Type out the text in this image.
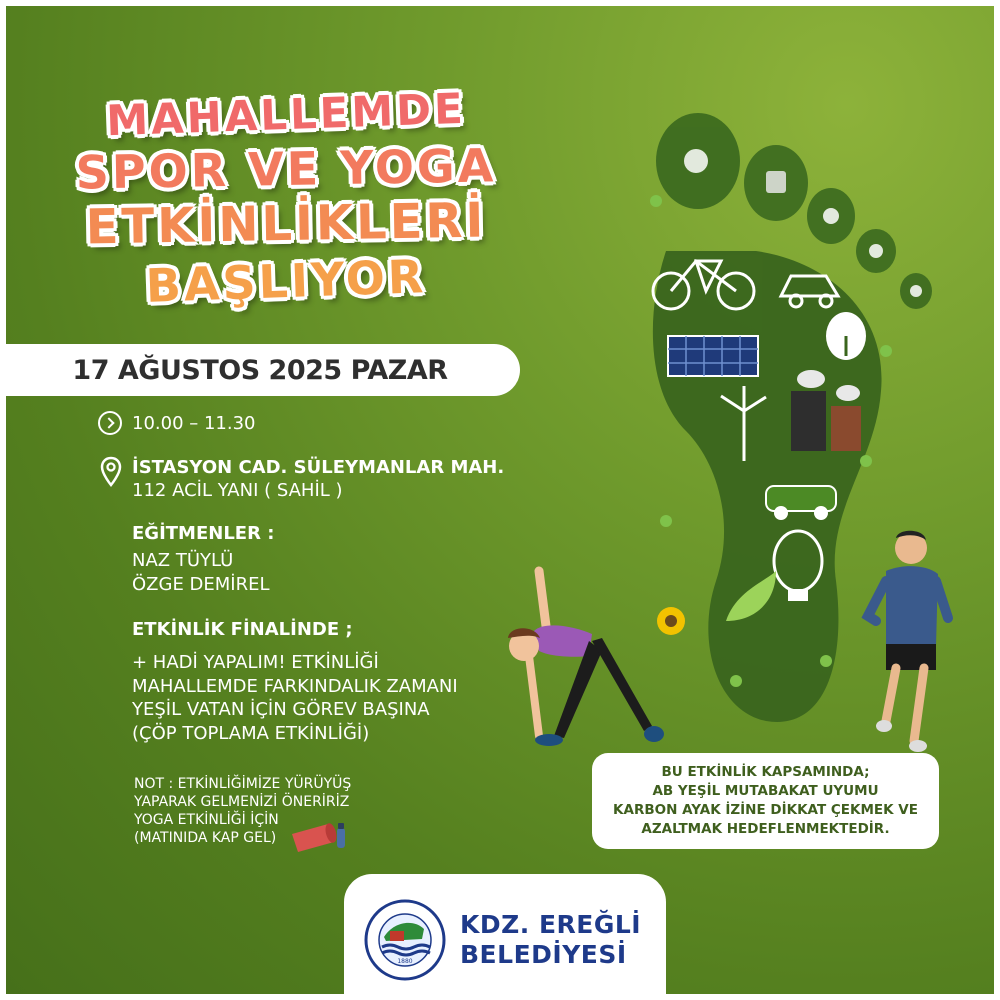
MAHALLEMDE
SPOR VE YOGA
ETKİNLİKLERİ
BAŞLIYOR
17 AĞUSTOS 2025 PAZAR
10.00 – 11.30
İSTASYON CAD. SÜLEYMANLAR MAH.
112 ACİL YANI ( SAHİL )
EĞİTMENLER :
NAZ TÜYLÜ
ÖZGE DEMİREL
ETKİNLİK FİNALİNDE ;
+ HADİ YAPALIM! ETKİNLİĞİ
MAHALLEMDE FARKINDALIK ZAMANI
YEŞİL VATAN İÇİN GÖREV BAŞINA
(ÇÖP TOPLAMA ETKİNLİĞİ)
NOT : ETKİNLİĞİMİZE YÜRÜYÜŞ
YAPARAK GELMENİZİ ÖNERİRİZ
YOGA ETKİNLİĞİ İÇİN
(MATINIDA KAP GEL)
BU ETKİNLİK KAPSAMINDA;
AB YEŞİL MUTABAKAT UYUMU
KARBON AYAK İZİNE DİKKAT ÇEKMEK VE
AZALTMAK HEDEFLENMEKTEDİR.
1880
KDZ. EREĞLİ
BELEDİYESİ
